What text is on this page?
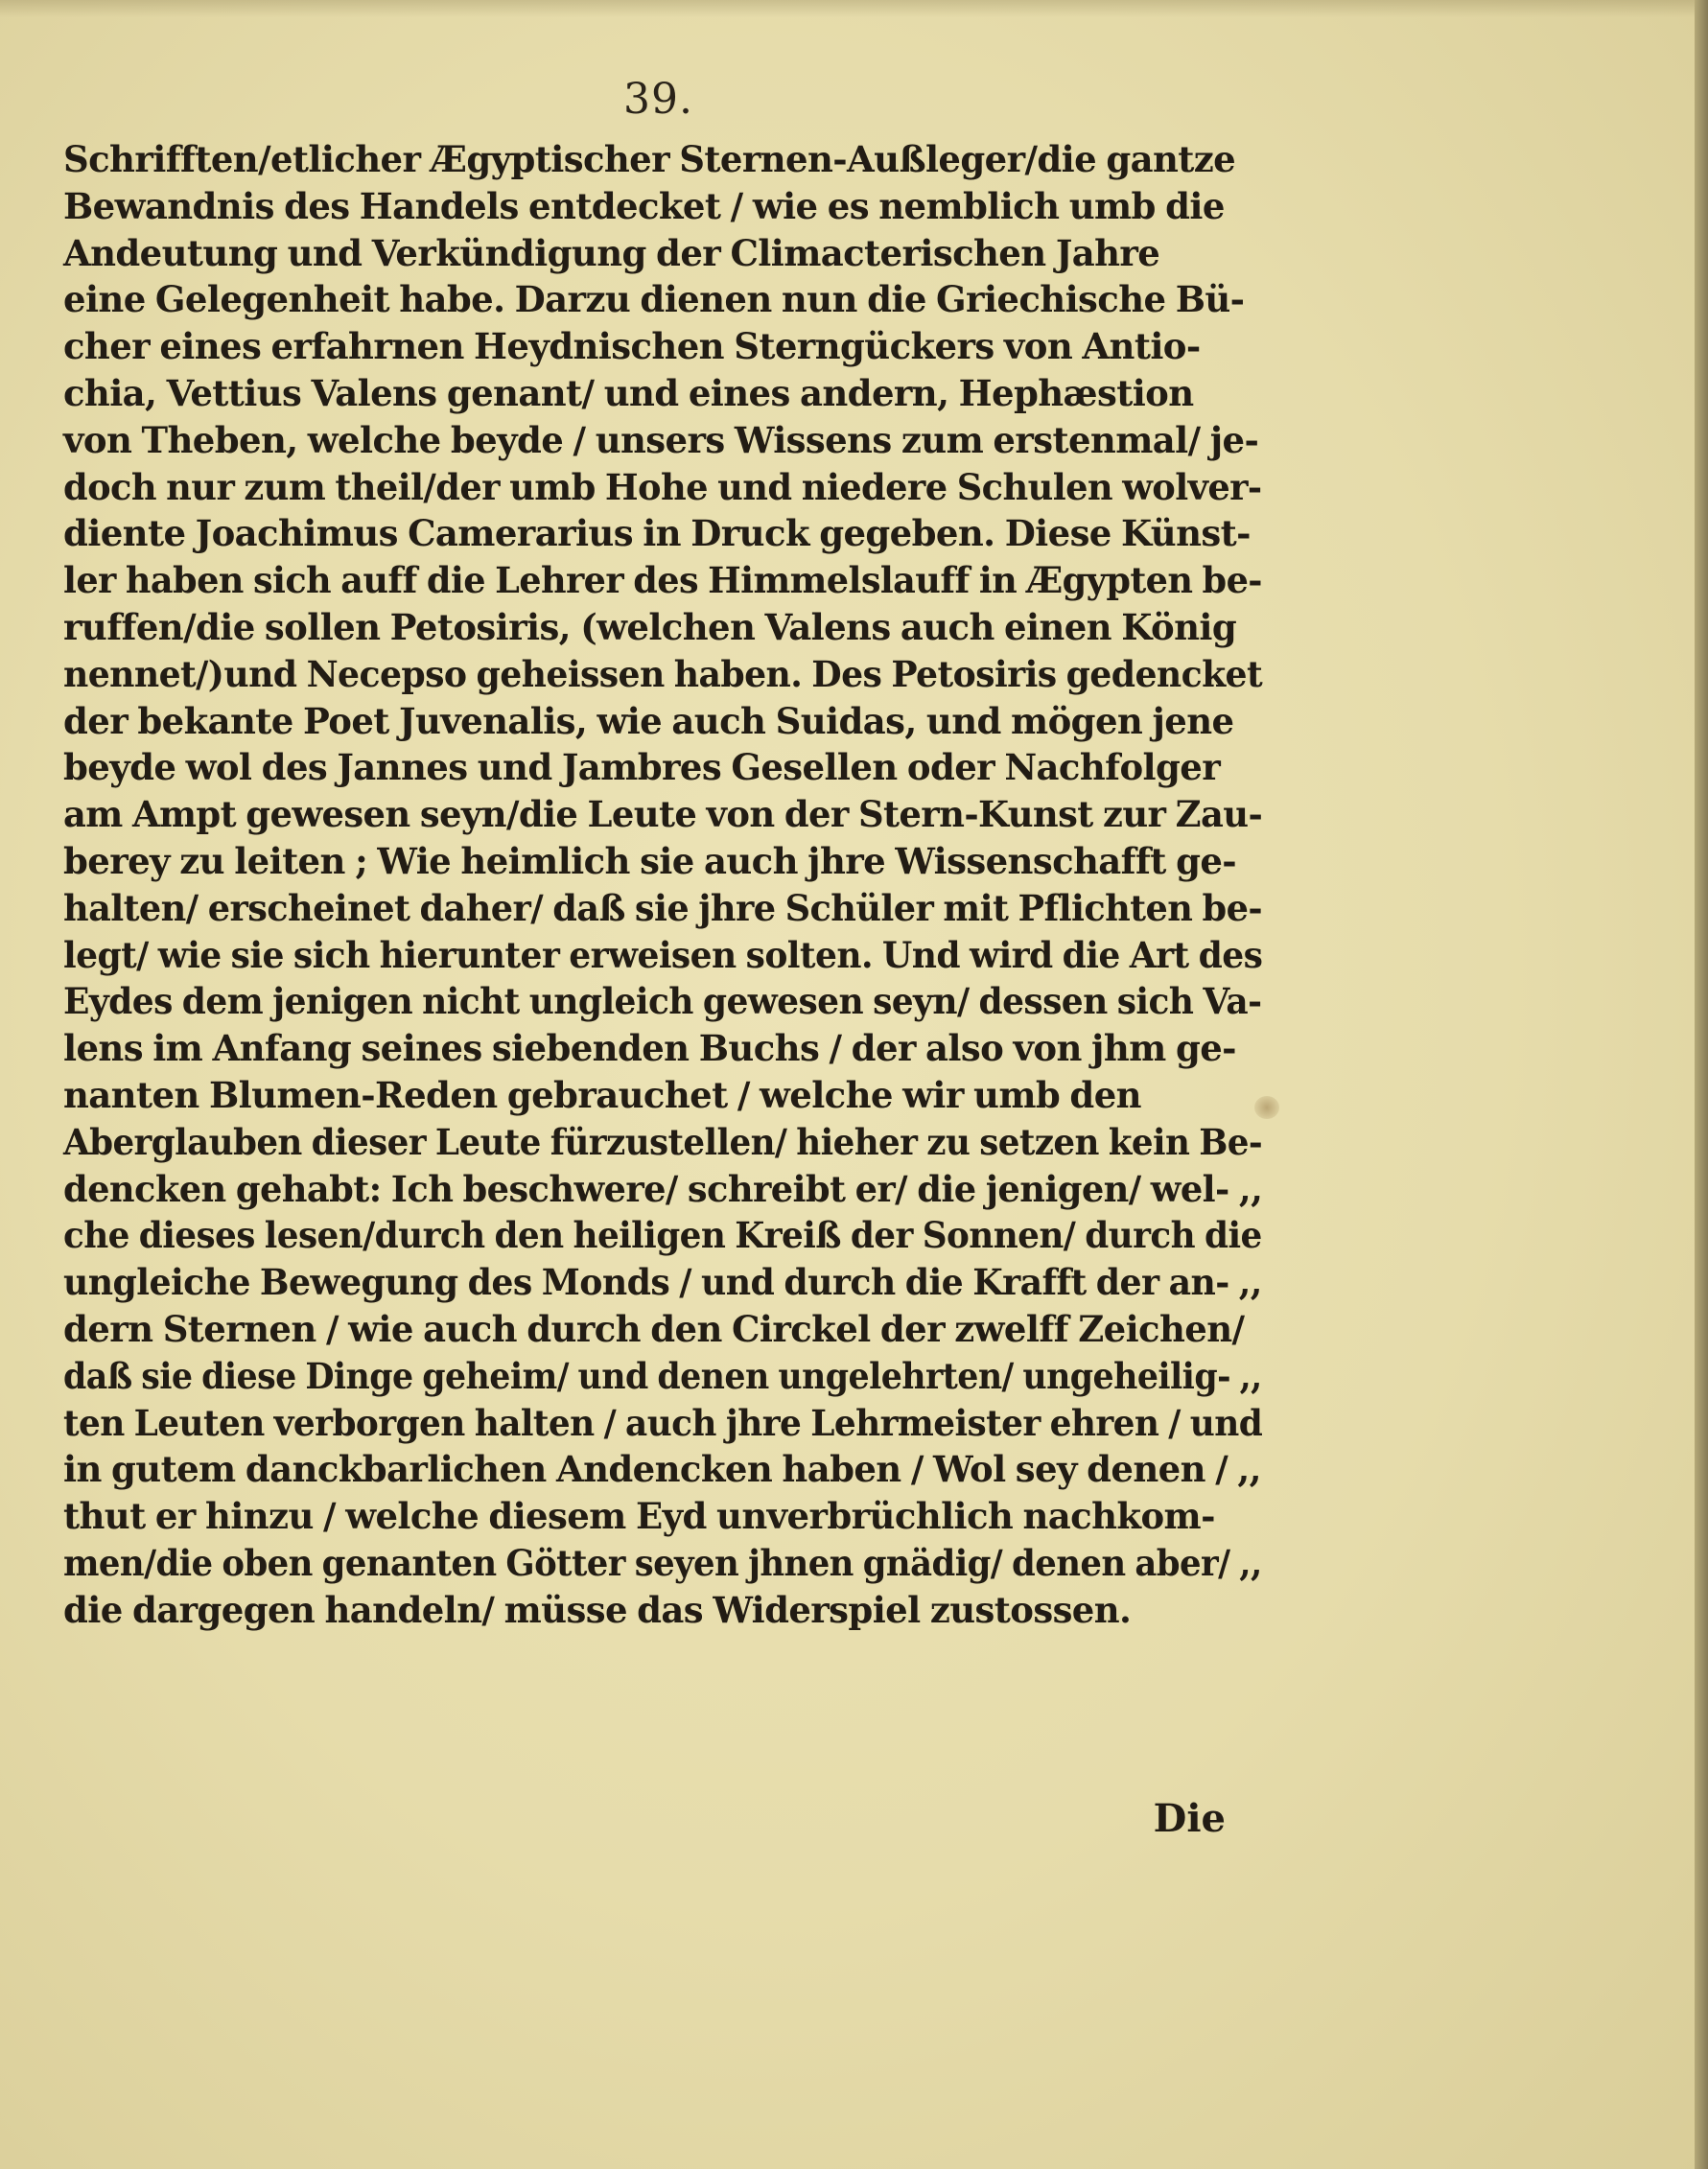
39.
Schrifften/etlicher Ægyptischer Sternen-Außleger/die gantze
Bewandnis des Handels entdecket / wie es nemblich umb die
Andeutung und Verkündigung der Climacterischen Jahre
eine Gelegenheit habe. Darzu dienen nun die Griechische Bü-
cher eines erfahrnen Heydnischen Sterngückers von Antio-
chia, Vettius Valens genant/ und eines andern, Hephæstion
von Theben, welche beyde / unsers Wissens zum erstenmal/ je-
doch nur zum theil/der umb Hohe und niedere Schulen wolver-
diente Joachimus Camerarius in Druck gegeben. Diese Künst-
ler haben sich auff die Lehrer des Himmelslauff in Ægypten be-
ruffen/die sollen Petosiris, (welchen Valens auch einen König
nennet/)und Necepso geheissen haben. Des Petosiris gedencket
der bekante Poet Juvenalis, wie auch Suidas, und mögen jene
beyde wol des Jannes und Jambres Gesellen oder Nachfolger
am Ampt gewesen seyn/die Leute von der Stern-Kunst zur Zau-
berey zu leiten ; Wie heimlich sie auch jhre Wissenschafft ge-
halten/ erscheinet daher/ daß sie jhre Schüler mit Pflichten be-
legt/ wie sie sich hierunter erweisen solten. Und wird die Art des
Eydes dem jenigen nicht ungleich gewesen seyn/ dessen sich Va-
lens im Anfang seines siebenden Buchs / der also von jhm ge-
nanten Blumen-Reden gebrauchet / welche wir umb den
Aberglauben dieser Leute fürzustellen/ hieher zu setzen kein Be-
dencken gehabt: Ich beschwere/ schreibt er/ die jenigen/ wel- ,,
che dieses lesen/durch den heiligen Kreiß der Sonnen/ durch die
ungleiche Bewegung des Monds / und durch die Krafft der an- ,,
dern Sternen / wie auch durch den Circkel der zwelff Zeichen/
daß sie diese Dinge geheim/ und denen ungelehrten/ ungeheilig- ,,
ten Leuten verborgen halten / auch jhre Lehrmeister ehren / und
in gutem danckbarlichen Andencken haben / Wol sey denen / ,,
thut er hinzu / welche diesem Eyd unverbrüchlich nachkom-
men/die oben genanten Götter seyen jhnen gnädig/ denen aber/ ,,
die dargegen handeln/ müsse das Widerspiel zustossen.
Die
